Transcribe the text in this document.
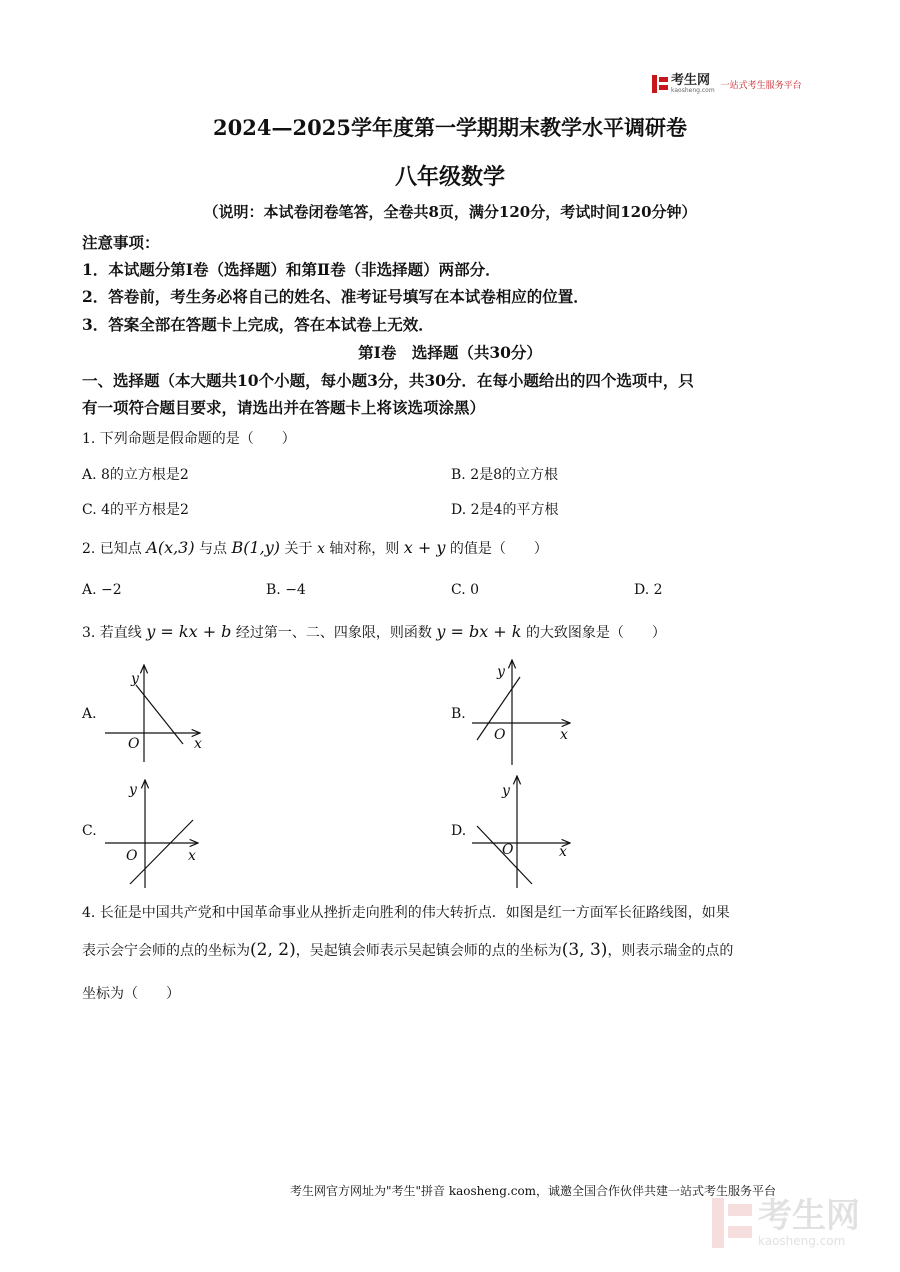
考生网
kaosheng.com 一站式考生服务平台
2024—2025学年度第一学期期末教学水平调研卷
八年级数学
（说明：本试卷闭卷笔答，全卷共8页，满分120分，考试时间120分钟）
注意事项：
1．本试题分第Ⅰ卷（选择题）和第Ⅱ卷（非选择题）两部分．
2．答卷前，考生务必将自己的姓名、准考证号填写在本试卷相应的位置．
3．答案全部在答题卡上完成，答在本试卷上无效．
第Ⅰ卷　选择题（共30分）
一、选择题（本大题共10个小题，每小题3分，共30分．在每小题给出的四个选项中，只
有一项符合题目要求，请选出并在答题卡上将该选项涂黑）
1. 下列命题是假命题的是（　　）
A. 8的立方根是2	B. 2是8的立方根
C. 4的平方根是2	D. 2是4的平方根
2. 已知点 A(x,3) 与点 B(1,y) 关于 x 轴对称，则 x + y 的值是（　　）
A. −2	B. −4	C. 0	D. 2
3. 若直线 y = kx + b 经过第一、二、四象限，则函数 y = bx + k 的大致图象是（　　）
A.	B.
C.	D.
y
x
O
y
x
O
y
x
O
y
x
O
4. 长征是中国共产党和中国革命事业从挫折走向胜利的伟大转折点．如图是红一方面军长征路线图，如果
表示会宁会师的点的坐标为(2, 2)，吴起镇会师表示吴起镇会师的点的坐标为(3, 3)，则表示瑞金的点的
坐标为（　　）
考生网官方网址为"考生"拼音 kaosheng.com，诚邀全国合作伙伴共建一站式考生服务平台
考生网
kaosheng.com
